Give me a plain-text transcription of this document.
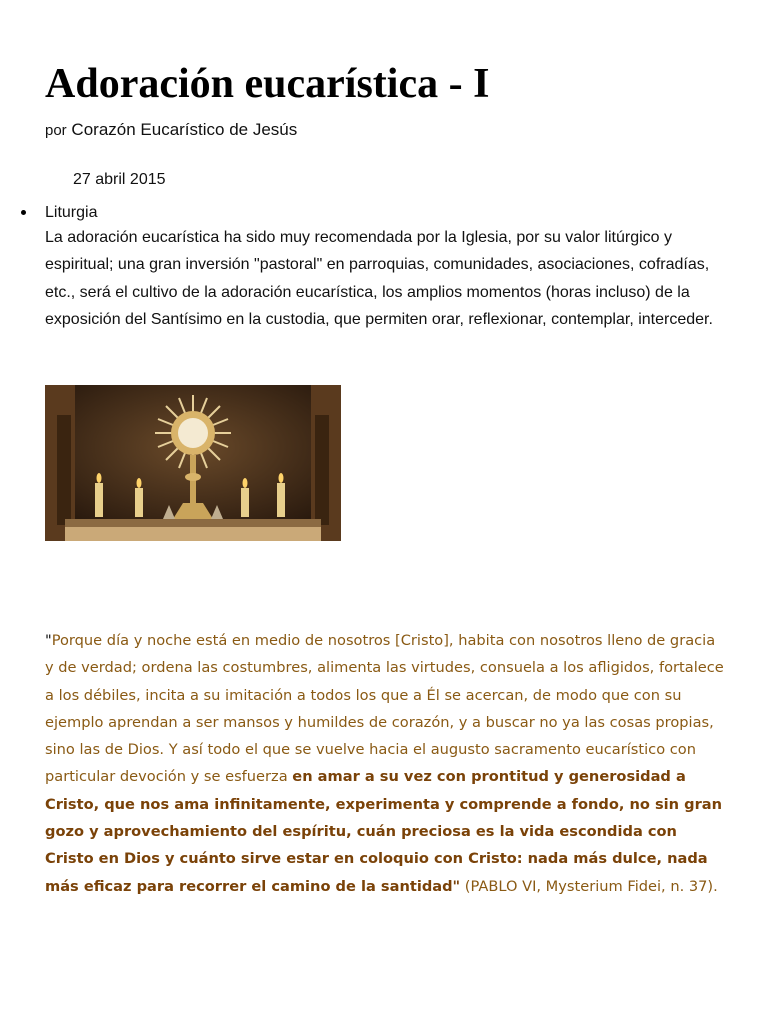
Adoración eucarística - I
por Corazón Eucarístico de Jesús
27 abril 2015
Liturgia

La adoración eucarística ha sido muy recomendada por la Iglesia, por su valor litúrgico y espiritual; una gran inversión "pastoral" en parroquias, comunidades, asociaciones, cofradías, etc., será el cultivo de la adoración eucarística, los amplios momentos (horas incluso) de la exposición del Santísimo en la custodia, que permiten orar, reflexionar, contemplar, interceder.

"Porque día y noche está en medio de nosotros [Cristo], habita con nosotros lleno de gracia y de verdad; ordena las costumbres, alimenta las virtudes, consuela a los afligidos, fortalece a los débiles, incita a su imitación a todos los que a Él se acercan, de modo que con su ejemplo aprendan a ser mansos y humildes de corazón, y a buscar no ya las cosas propias, sino las de Dios. Y así todo el que se vuelve hacia el augusto sacramento eucarístico con particular devoción y se esfuerza en amar a su vez con prontitud y generosidad a Cristo, que nos ama infinitamente, experimenta y comprende a fondo, no sin gran gozo y aprovechamiento del espíritu, cuán preciosa es la vida escondida con Cristo en Dios y cuánto sirve estar en coloquio con Cristo: nada más dulce, nada más eficaz para recorrer el camino de la santidad" (PABLO VI, Mysterium Fidei, n. 37).
